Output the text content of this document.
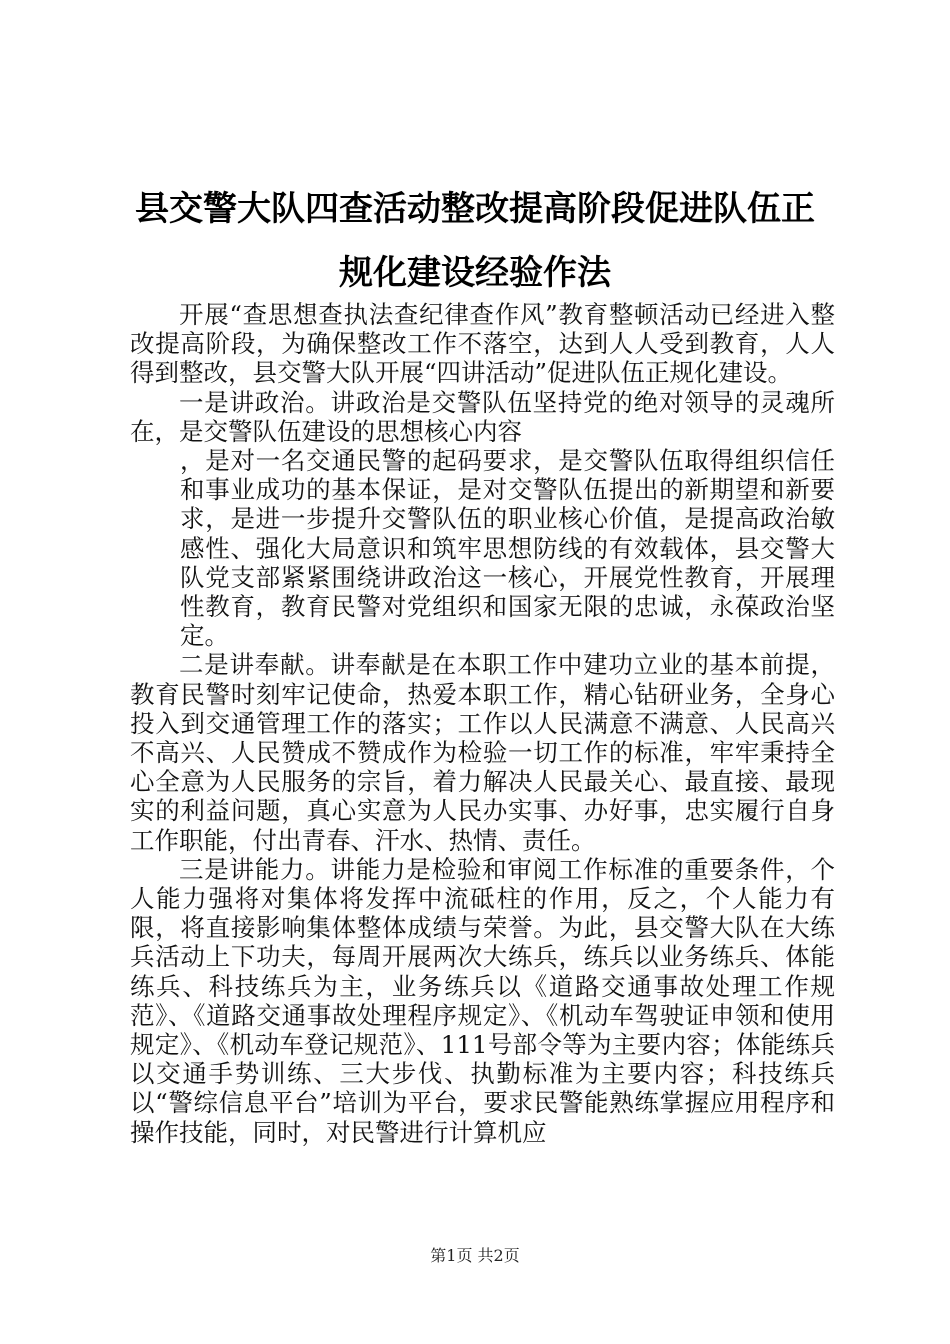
县交警大队四查活动整改提高阶段促进队伍正
规化建设经验作法

开展“查思想查执法查纪律查作风”教育整顿活动已经进入整改提高阶段，为确保整改工作不落空，达到人人受到教育，人人得到整改，县交警大队开展“四讲活动”促进队伍正规化建设。

一是讲政治。讲政治是交警队伍坚持党的绝对领导的灵魂所在，是交警队伍建设的思想核心内容

，是对一名交通民警的起码要求，是交警队伍取得组织信任和事业成功的基本保证，是对交警队伍提出的新期望和新要求，是进一步提升交警队伍的职业核心价值，是提高政治敏感性、强化大局意识和筑牢思想防线的有效载体，县交警大队党支部紧紧围绕讲政治这一核心，开展党性教育，开展理性教育，教育民警对党组织和国家无限的忠诚，永葆政治坚定。

二是讲奉献。讲奉献是在本职工作中建功立业的基本前提，教育民警时刻牢记使命，热爱本职工作，精心钻研业务，全身心投入到交通管理工作的落实；工作以人民满意不满意、人民高兴不高兴、人民赞成不赞成作为检验一切工作的标准，牢牢秉持全心全意为人民服务的宗旨，着力解决人民最关心、最直接、最现实的利益问题，真心实意为人民办实事、办好事，忠实履行自身工作职能，付出青春、汗水、热情、责任。

三是讲能力。讲能力是检验和审阅工作标准的重要条件，个人能力强将对集体将发挥中流砥柱的作用，反之，个人能力有限，将直接影响集体整体成绩与荣誉。为此，县交警大队在大练兵活动上下功夫，每周开展两次大练兵，练兵以业务练兵、体能练兵、科技练兵为主，业务练兵以《道路交通事故处理工作规范》、《道路交通事故处理程序规定》、《机动车驾驶证申领和使用规定》、《机动车登记规范》、111号部令等为主要内容；体能练兵以交通手势训练、三大步伐、执勤标准为主要内容；科技练兵以“警综信息平台”培训为平台，要求民警能熟练掌握应用程序和操作技能，同时，对民警进行计算机应

第1页 共2页
